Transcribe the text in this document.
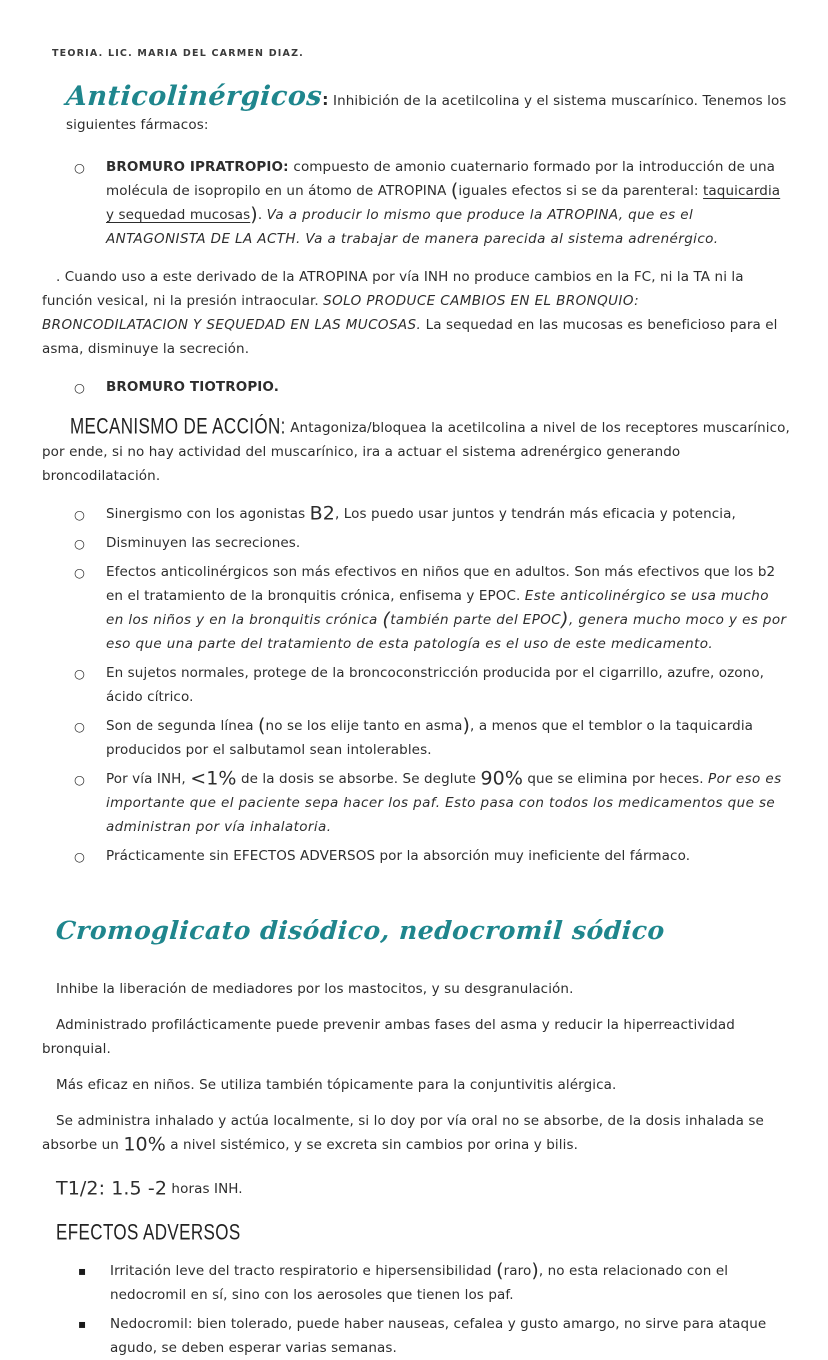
TEORIA. LIC. MARIA DEL CARMEN DIAZ.
Anticolinérgicos: Inhibición de la acetilcolina y el sistema muscarínico. Tenemos los siguientes fármacos:
○ BROMURO IPRATROPIO: compuesto de amonio cuaternario formado por la introducción de una molécula de isopropilo en un átomo de ATROPINA (iguales efectos si se da parenteral: taquicardia y sequedad mucosas). Va a producir lo mismo que produce la ATROPINA, que es el ANTAGONISTA DE LA ACTH. Va a trabajar de manera parecida al sistema adrenérgico.

. Cuando uso a este derivado de la ATROPINA por vía INH no produce cambios en la FC, ni la TA ni la función vesical, ni la presión intraocular. SOLO PRODUCE CAMBIOS EN EL BRONQUIO: BRONCODILATACION Y SEQUEDAD EN LAS MUCOSAS. La sequedad en las mucosas es beneficioso para el asma, disminuye la secreción.

○ BROMURO TIOTROPIO.

MECANISMO DE ACCIÓN: Antagoniza/bloquea la acetilcolina a nivel de los receptores muscarínico, por ende, si no hay actividad del muscarínico, ira a actuar el sistema adrenérgico generando broncodilatación.

○ Sinergismo con los agonistas B2, Los puedo usar juntos y tendrán más eficacia y potencia,
○ Disminuyen las secreciones.
○ Efectos anticolinérgicos son más efectivos en niños que en adultos. Son más efectivos que los b2 en el tratamiento de la bronquitis crónica, enfisema y EPOC. Este anticolinérgico se usa mucho en los niños y en la bronquitis crónica (también parte del EPOC), genera mucho moco y es por eso que una parte del tratamiento de esta patología es el uso de este medicamento.
○ En sujetos normales, protege de la broncoconstricción producida por el cigarrillo, azufre, ozono, ácido cítrico.
○ Son de segunda línea (no se los elije tanto en asma), a menos que el temblor o la taquicardia producidos por el salbutamol sean intolerables.
○ Por vía INH, <1% de la dosis se absorbe. Se deglute 90% que se elimina por heces. Por eso es importante que el paciente sepa hacer los paf. Esto pasa con todos los medicamentos que se administran por vía inhalatoria.
○ Prácticamente sin EFECTOS ADVERSOS por la absorción muy ineficiente del fármaco.
Cromoglicato disódico, nedocromil sódico

Inhibe la liberación de mediadores por los mastocitos, y su desgranulación.

Administrado profilácticamente puede prevenir ambas fases del asma y reducir la hiperreactividad bronquial.

Más eficaz en niños. Se utiliza también tópicamente para la conjuntivitis alérgica.

Se administra inhalado y actúa localmente, si lo doy por vía oral no se absorbe, de la dosis inhalada se absorbe un 10% a nivel sistémico, y se excreta sin cambios por orina y bilis.

T1/2: 1.5 -2 horas INH.

EFECTOS ADVERSOS

▪ Irritación leve del tracto respiratorio e hipersensibilidad (raro), no esta relacionado con el nedocromil en sí, sino con los aerosoles que tienen los paf.
▪ Nedocromil: bien tolerado, puede haber nauseas, cefalea y gusto amargo, no sirve para ataque agudo, se deben esperar varias semanas.
